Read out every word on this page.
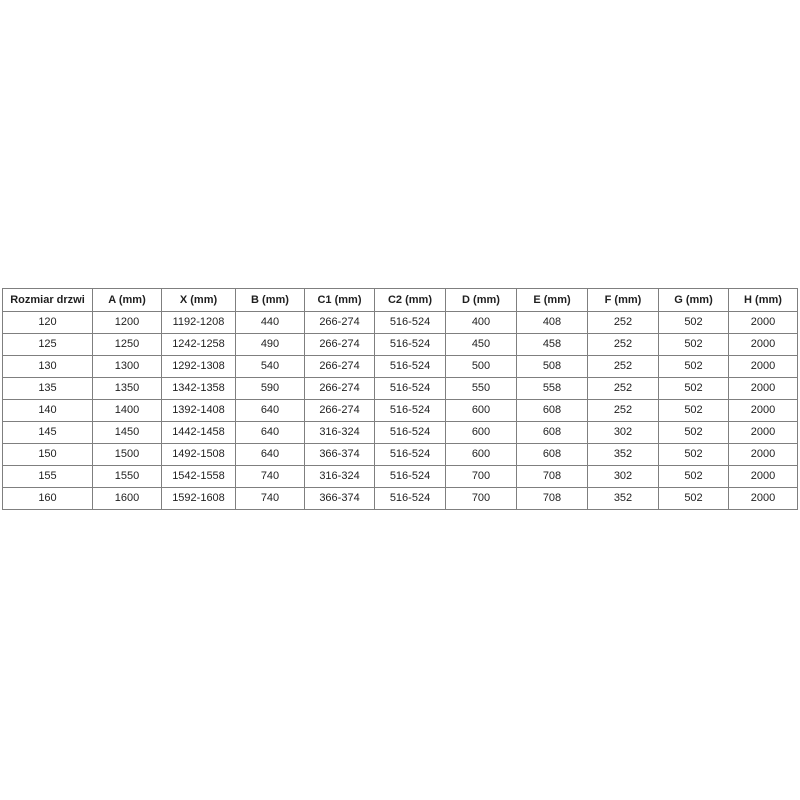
Rozmiar drzwi	A (mm)	X (mm)	B (mm)	C1 (mm)	C2 (mm)	D (mm)	E (mm)	F (mm)	G (mm)	H (mm)
120	1200	1192-1208	440	266-274	516-524	400	408	252	502	2000
125	1250	1242-1258	490	266-274	516-524	450	458	252	502	2000
130	1300	1292-1308	540	266-274	516-524	500	508	252	502	2000
135	1350	1342-1358	590	266-274	516-524	550	558	252	502	2000
140	1400	1392-1408	640	266-274	516-524	600	608	252	502	2000
145	1450	1442-1458	640	316-324	516-524	600	608	302	502	2000
150	1500	1492-1508	640	366-374	516-524	600	608	352	502	2000
155	1550	1542-1558	740	316-324	516-524	700	708	302	502	2000
160	1600	1592-1608	740	366-374	516-524	700	708	352	502	2000
